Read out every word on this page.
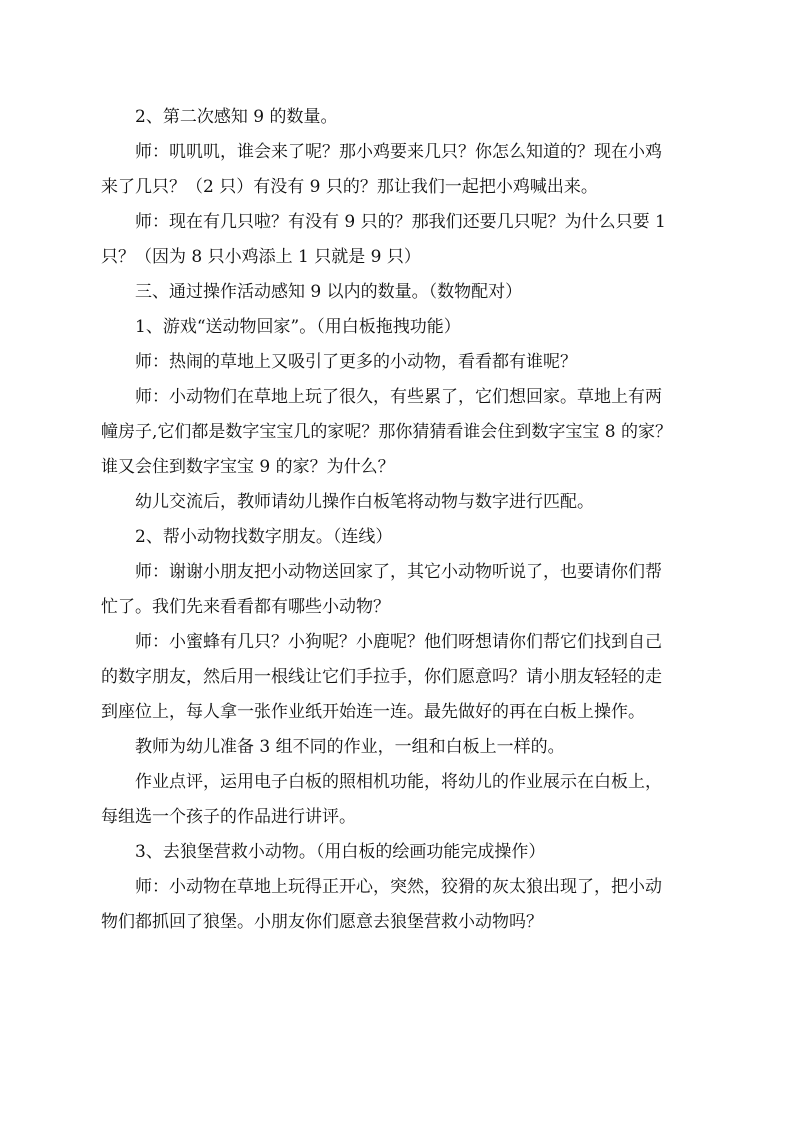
2、第二次感知 9 的数量。
师：叽叽叽，谁会来了呢？那小鸡要来几只？你怎么知道的？现在小鸡
来了几只？（2 只）有没有 9 只的？那让我们一起把小鸡喊出来。
师：现在有几只啦？有没有 9 只的？那我们还要几只呢？为什么只要 1
只？（因为 8 只小鸡添上 1 只就是 9 只）
三、通过操作活动感知 9 以内的数量。（数物配对）
1、游戏“送动物回家”。（用白板拖拽功能）
师：热闹的草地上又吸引了更多的小动物，看看都有谁呢？
师：小动物们在草地上玩了很久，有些累了，它们想回家。草地上有两
幢房子,它们都是数字宝宝几的家呢？那你猜猜看谁会住到数字宝宝 8 的家？
谁又会住到数字宝宝 9 的家？为什么？
幼儿交流后，教师请幼儿操作白板笔将动物与数字进行匹配。
2、帮小动物找数字朋友。（连线）
师：谢谢小朋友把小动物送回家了，其它小动物听说了，也要请你们帮
忙了。我们先来看看都有哪些小动物？
师：小蜜蜂有几只？小狗呢？小鹿呢？他们呀想请你们帮它们找到自己
的数字朋友，然后用一根线让它们手拉手，你们愿意吗？请小朋友轻轻的走
到座位上，每人拿一张作业纸开始连一连。最先做好的再在白板上操作。
教师为幼儿准备 3 组不同的作业，一组和白板上一样的。
作业点评，运用电子白板的照相机功能，将幼儿的作业展示在白板上，
每组选一个孩子的作品进行讲评。
3、去狼堡营救小动物。（用白板的绘画功能完成操作）
师：小动物在草地上玩得正开心，突然，狡猾的灰太狼出现了，把小动
物们都抓回了狼堡。小朋友你们愿意去狼堡营救小动物吗？
